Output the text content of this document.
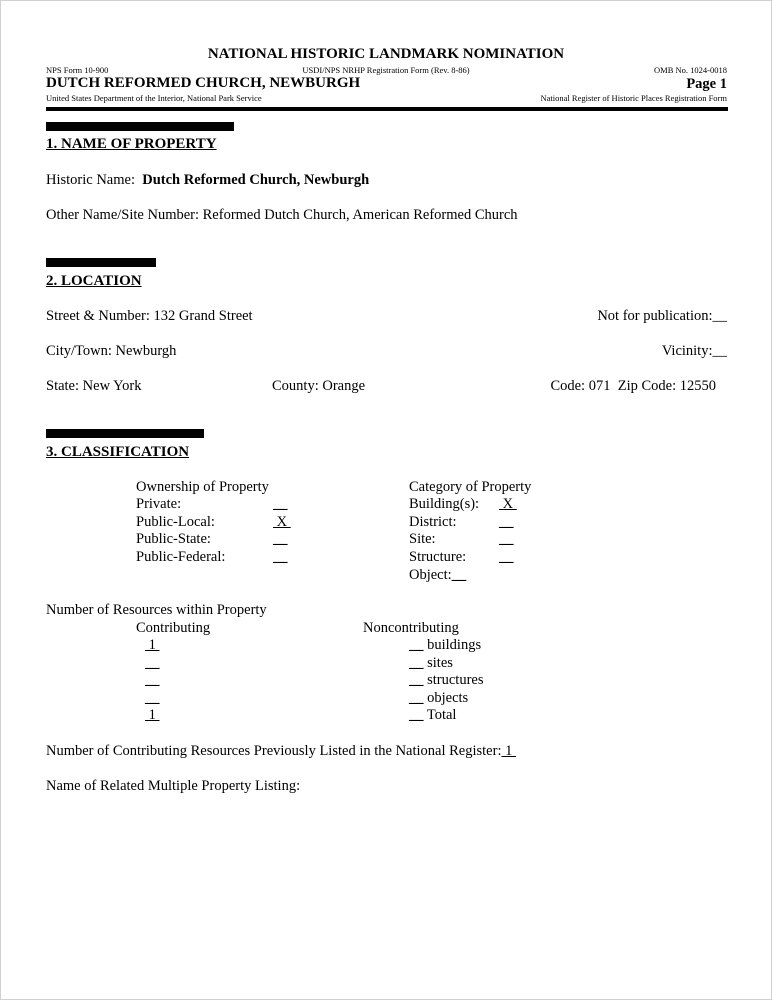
NATIONAL HISTORIC LANDMARK NOMINATION
NPS Form 10-900	USDI/NPS NRHP Registration Form (Rev. 8-86)	OMB No. 1024-0018
DUTCH REFORMED CHURCH, NEWBURGH	Page 1
United States Department of the Interior, National Park Service	National Register of Historic Places Registration Form
1. NAME OF PROPERTY
Historic Name: Dutch Reformed Church, Newburgh
Other Name/Site Number: Reformed Dutch Church, American Reformed Church
2. LOCATION
Street & Number: 132 Grand Street	Not for publication:__
City/Town: Newburgh	Vicinity:__
State: New York	County: Orange	Code: 071 Zip Code: 12550
3. CLASSIFICATION
Ownership of Property
Private:	__
Public-Local:	X
Public-State:	__
Public-Federal:	__
Category of Property
Building(s): X
District:	__
Site:	__
Structure: __
Object:__
Number of Resources within Property
Contributing	Noncontributing
1	__ buildings
__	__ sites
__	__ structures
__	__ objects
1	__ Total
Number of Contributing Resources Previously Listed in the National Register: 1
Name of Related Multiple Property Listing:
